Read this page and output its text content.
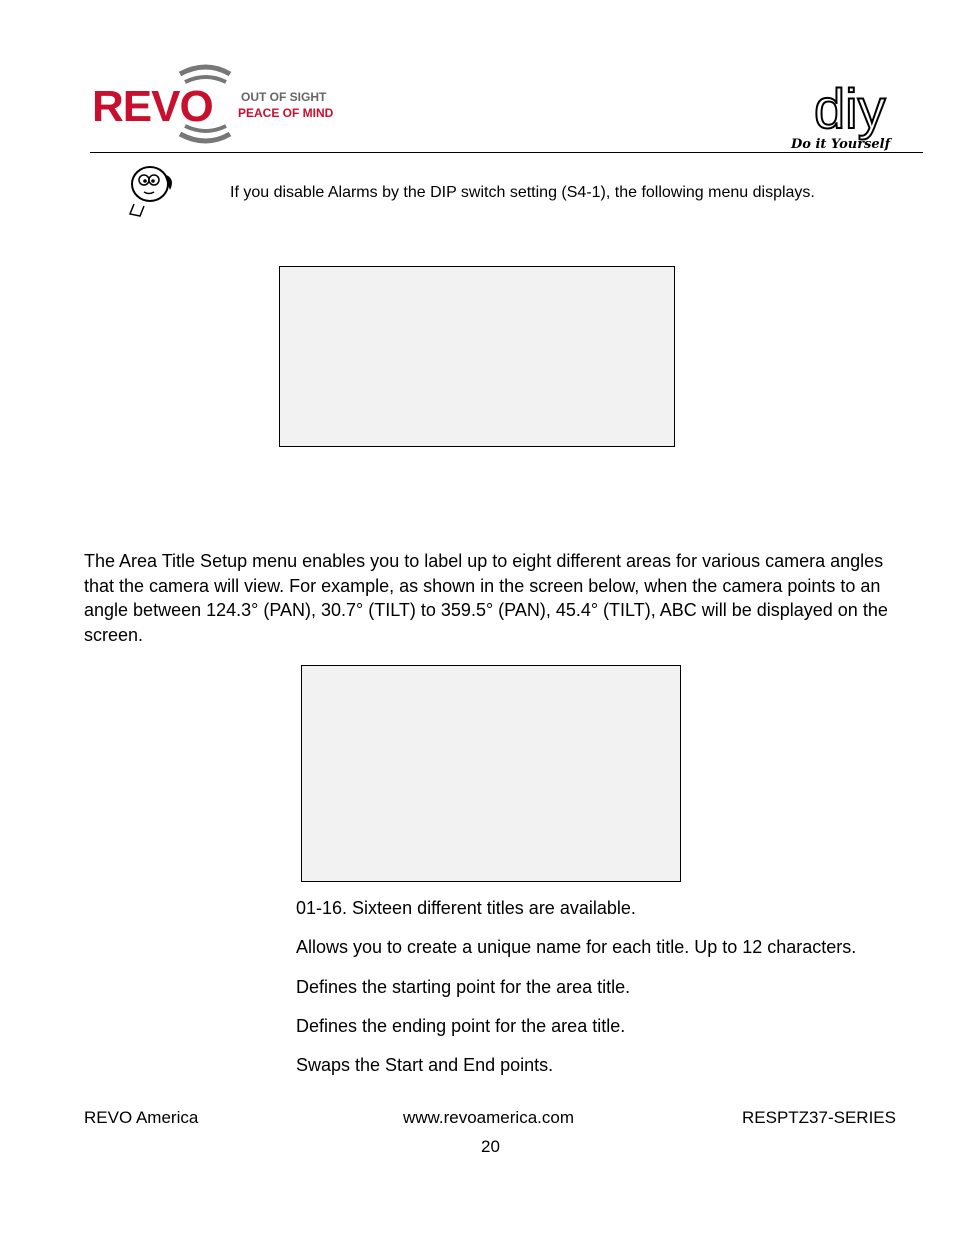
REVO OUT OF SIGHT
PEACE OF MIND	diy
Do it Yourself
If you disable Alarms by the DIP switch setting (S4-1), the following menu displays.
The Area Title Setup menu enables you to label up to eight different areas for various camera angles that the camera will view. For example, as shown in the screen below, when the camera points to an angle between 124.3° (PAN), 30.7° (TILT) to 359.5° (PAN), 45.4° (TILT), ABC will be displayed on the screen.
01-16. Sixteen different titles are available.
Allows you to create a unique name for each title. Up to 12 characters.
Defines the starting point for the area title.
Defines the ending point for the area title.
Swaps the Start and End points.
REVO America	www.revoamerica.com	RESPTZ37-SERIES
20
